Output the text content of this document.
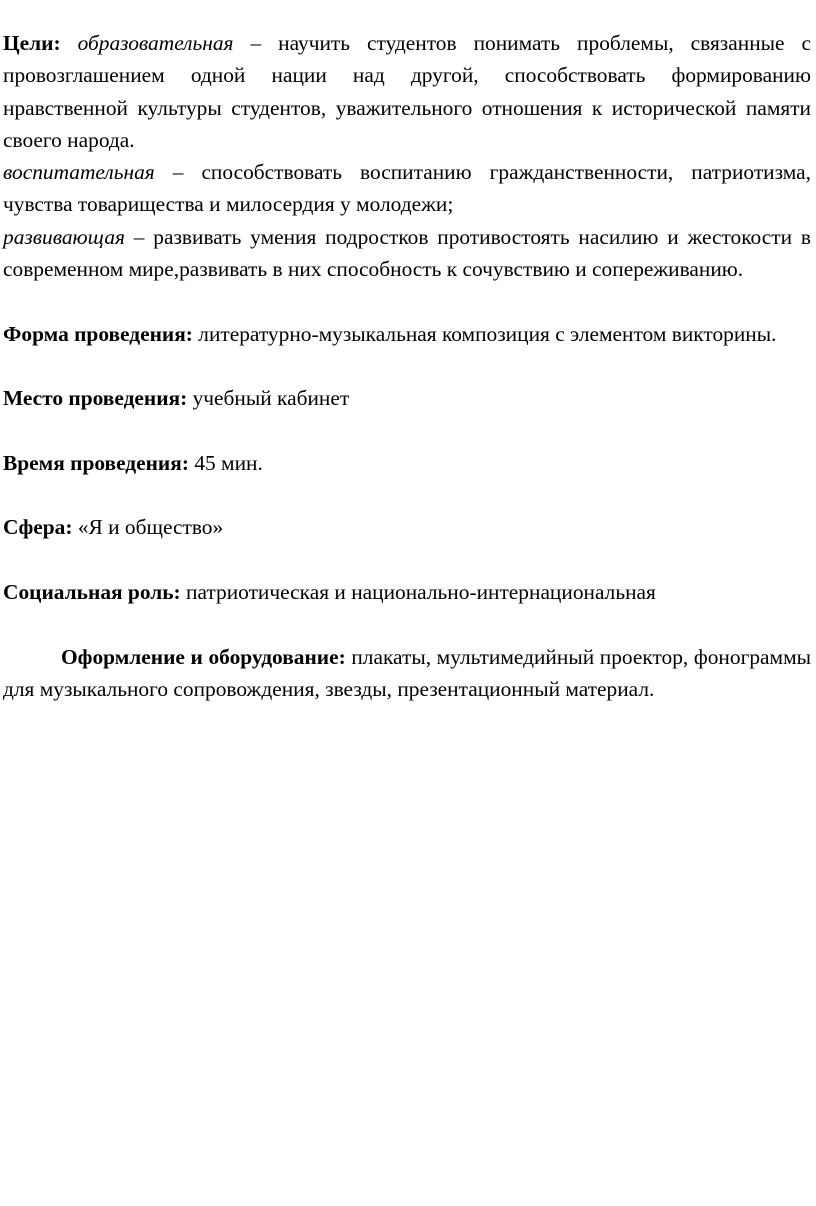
Цели: образовательная – научить студентов понимать проблемы, связанные с провозглашением одной нации над другой, способствовать формированию нравственной культуры студентов, уважительного отношения к исторической памяти своего народа.

воспитательная – способствовать воспитанию гражданственности, патриотизма, чувства товарищества и милосердия у молодежи;

развивающая – развивать умения подростков противостоять насилию и жестокости в современном мире,развивать в них способность к сочувствию и сопереживанию.

Форма проведения: литературно-музыкальная композиция с элементом викторины.

Место проведения: учебный кабинет

Время проведения: 45 мин.

Сфера: «Я и общество»

Социальная роль: патриотическая и национально-интернациональная

Оформление и оборудование: плакаты, мультимедийный проектор, фонограммы для музыкального сопровождения, звезды, презентационный материал.
